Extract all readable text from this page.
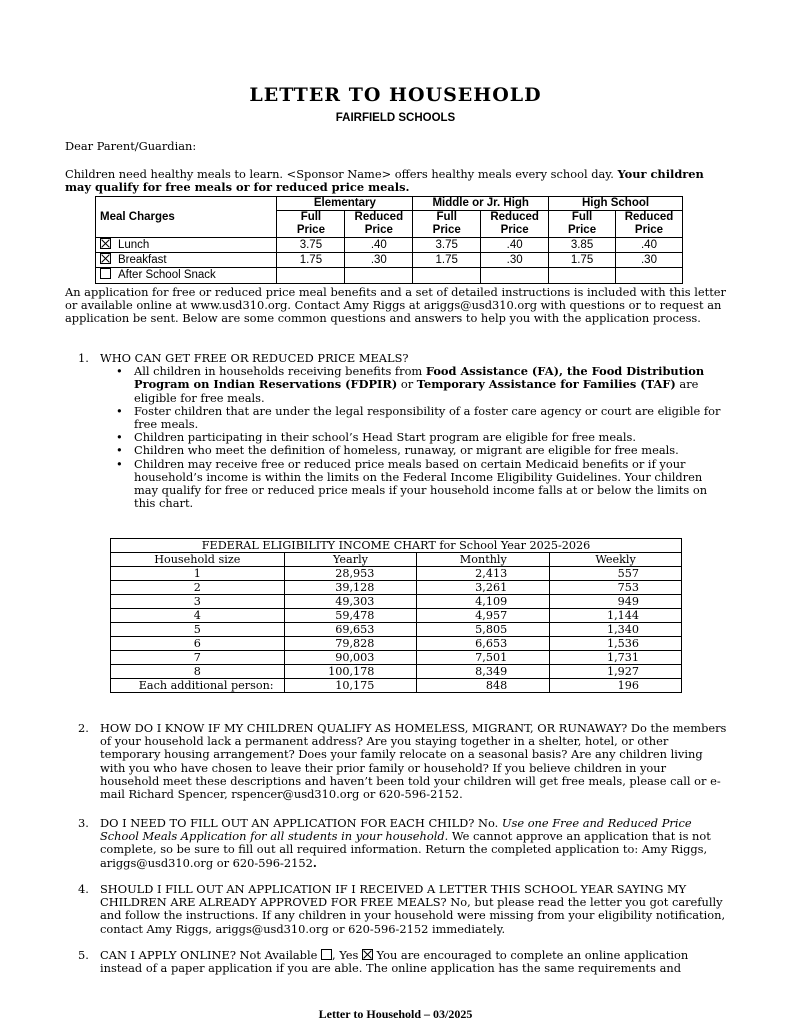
LETTER TO HOUSEHOLD
FAIRFIELD SCHOOLS
Dear Parent/Guardian:
Children need healthy meals to learn. <Sponsor Name> offers healthy meals every school day. Your children may qualify for free meals or for reduced price meals.
Meal Charges	Elementary		Middle or Jr. High		High School	
	Full	Reduced	Full	Reduced	Full	Reduced
	Price	Price	Price	Price	Price	Price
Lunch	3.75	.40	3.75	.40	3.85	.40
Breakfast	1.75	.30	1.75	.30	1.75	.30
After School Snack						
An application for free or reduced price meal benefits and a set of detailed instructions is included with this letter or available online at www.usd310.org. Contact Amy Riggs at ariggs@usd310.org with questions or to request an application be sent. Below are some common questions and answers to help you with the application process.
1. WHO CAN GET FREE OR REDUCED PRICE MEALS?
• All children in households receiving benefits from Food Assistance (FA), the Food Distribution Program on Indian Reservations (FDPIR) or Temporary Assistance for Families (TAF) are eligible for free meals.
• Foster children that are under the legal responsibility of a foster care agency or court are eligible for free meals.
• Children participating in their school’s Head Start program are eligible for free meals.
• Children who meet the definition of homeless, runaway, or migrant are eligible for free meals.
• Children may receive free or reduced price meals based on certain Medicaid benefits or if your household’s income is within the limits on the Federal Income Eligibility Guidelines. Your children may qualify for free or reduced price meals if your household income falls at or below the limits on this chart.
FEDERAL ELIGIBILITY INCOME CHART for School Year 2025-2026			
Household size	Yearly	Monthly	Weekly
1	28,953	2,413	557
2	39,128	3,261	753
3	49,303	4,109	949
4	59,478	4,957	1,144
5	69,653	5,805	1,340
6	79,828	6,653	1,536
7	90,003	7,501	1,731
8	100,178	8,349	1,927
Each additional person:	10,175	848	196
2. HOW DO I KNOW IF MY CHILDREN QUALIFY AS HOMELESS, MIGRANT, OR RUNAWAY? Do the members of your household lack a permanent address? Are you staying together in a shelter, hotel, or other temporary housing arrangement? Does your family relocate on a seasonal basis? Are any children living with you who have chosen to leave their prior family or household? If you believe children in your household meet these descriptions and haven’t been told your children will get free meals, please call or e-mail Richard Spencer, rspencer@usd310.org or 620-596-2152.
3. DO I NEED TO FILL OUT AN APPLICATION FOR EACH CHILD? No. Use one Free and Reduced Price School Meals Application for all students in your household. We cannot approve an application that is not complete, so be sure to fill out all required information. Return the completed application to: Amy Riggs, ariggs@usd310.org or 620-596-2152.
4. SHOULD I FILL OUT AN APPLICATION IF I RECEIVED A LETTER THIS SCHOOL YEAR SAYING MY CHILDREN ARE ALREADY APPROVED FOR FREE MEALS? No, but please read the letter you got carefully and follow the instructions. If any children in your household were missing from your eligibility notification, contact Amy Riggs, ariggs@usd310.org or 620-596-2152 immediately.
5. CAN I APPLY ONLINE? Not Available , Yes  You are encouraged to complete an online application instead of a paper application if you are able. The online application has the same requirements and
Letter to Household – 03/2025
